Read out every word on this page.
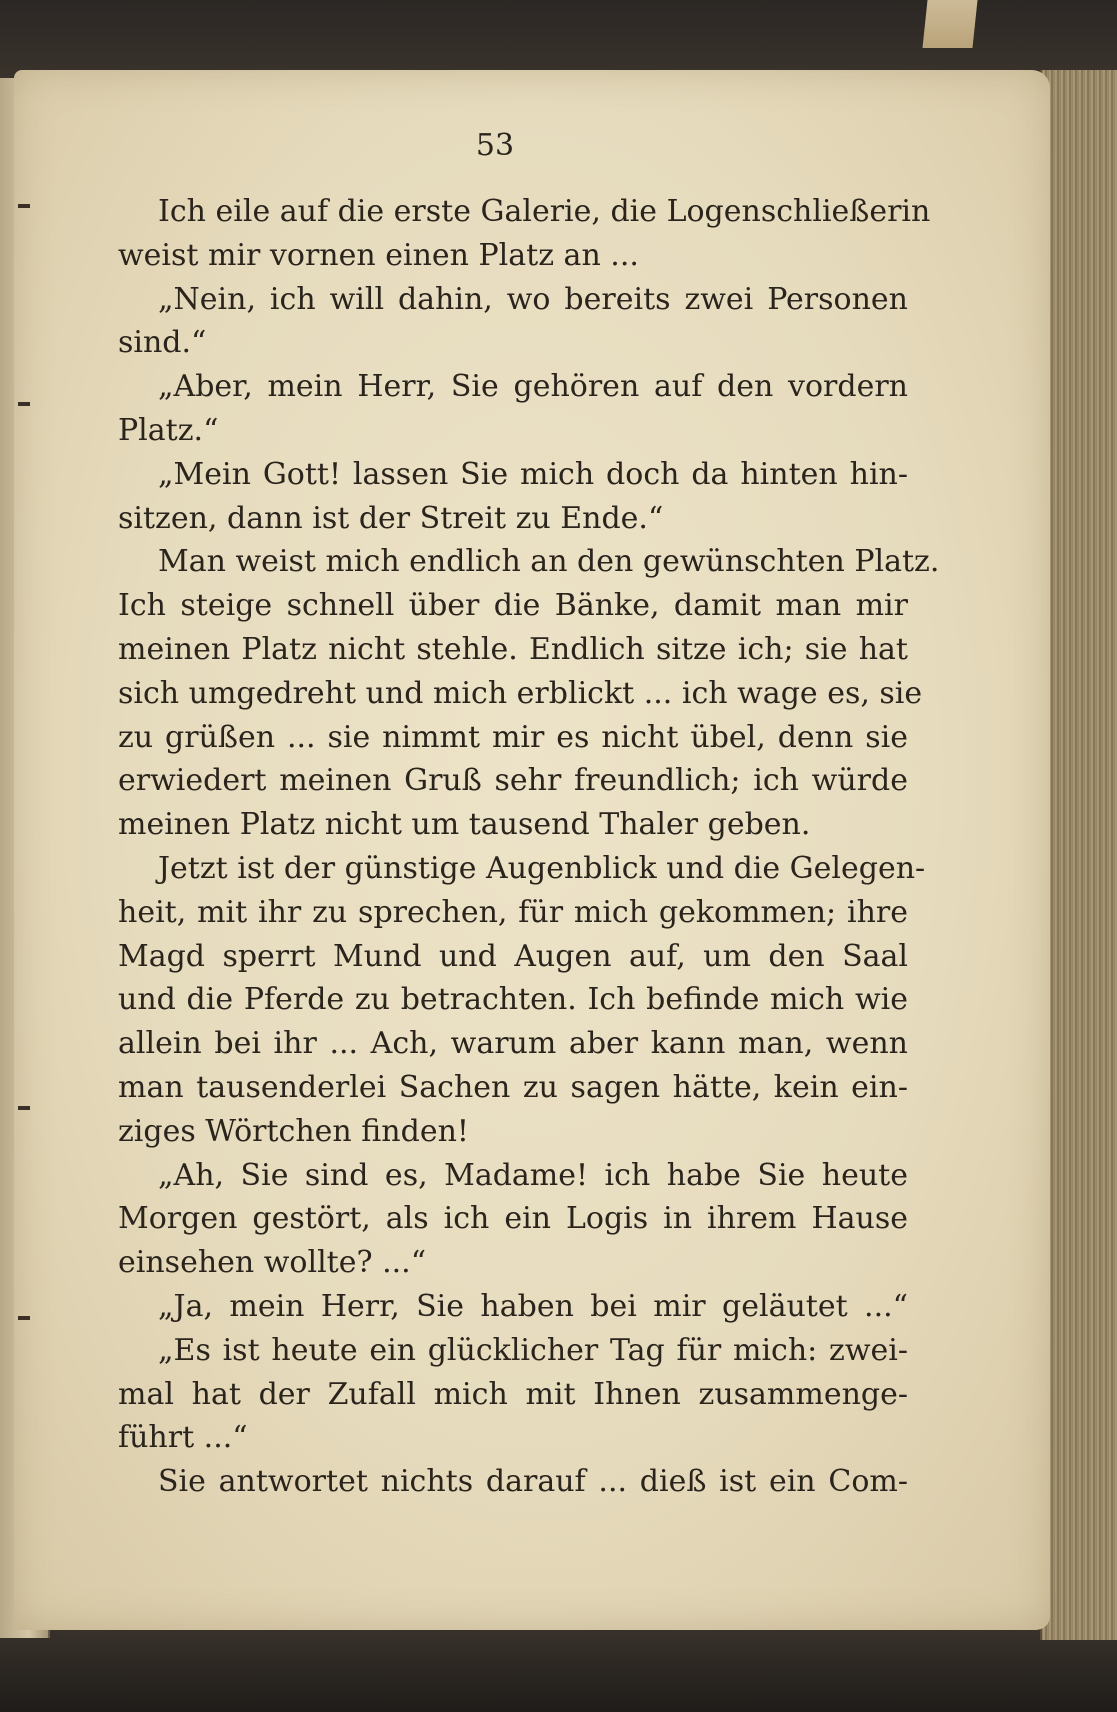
53
Ich eile auf die erste Galerie, die Logenschließerin
weist mir vornen einen Platz an ...
„Nein, ich will dahin, wo bereits zwei Personen
sind.“
„Aber, mein Herr, Sie gehören auf den vordern
Platz.“
„Mein Gott! lassen Sie mich doch da hinten hin-
sitzen, dann ist der Streit zu Ende.“
Man weist mich endlich an den gewünschten Platz.
Ich steige schnell über die Bänke, damit man mir
meinen Platz nicht stehle. Endlich sitze ich; sie hat
sich umgedreht und mich erblickt ... ich wage es, sie
zu grüßen ... sie nimmt mir es nicht übel, denn sie
erwiedert meinen Gruß sehr freundlich; ich würde
meinen Platz nicht um tausend Thaler geben.
Jetzt ist der günstige Augenblick und die Gelegen-
heit, mit ihr zu sprechen, für mich gekommen; ihre
Magd sperrt Mund und Augen auf, um den Saal
und die Pferde zu betrachten. Ich befinde mich wie
allein bei ihr ... Ach, warum aber kann man, wenn
man tausenderlei Sachen zu sagen hätte, kein ein-
ziges Wörtchen finden!
„Ah, Sie sind es, Madame! ich habe Sie heute
Morgen gestört, als ich ein Logis in ihrem Hause
einsehen wollte? ...“
„Ja, mein Herr, Sie haben bei mir geläutet ...“
„Es ist heute ein glücklicher Tag für mich: zwei-
mal hat der Zufall mich mit Ihnen zusammenge-
führt ...“
Sie antwortet nichts darauf ... dieß ist ein Com-
